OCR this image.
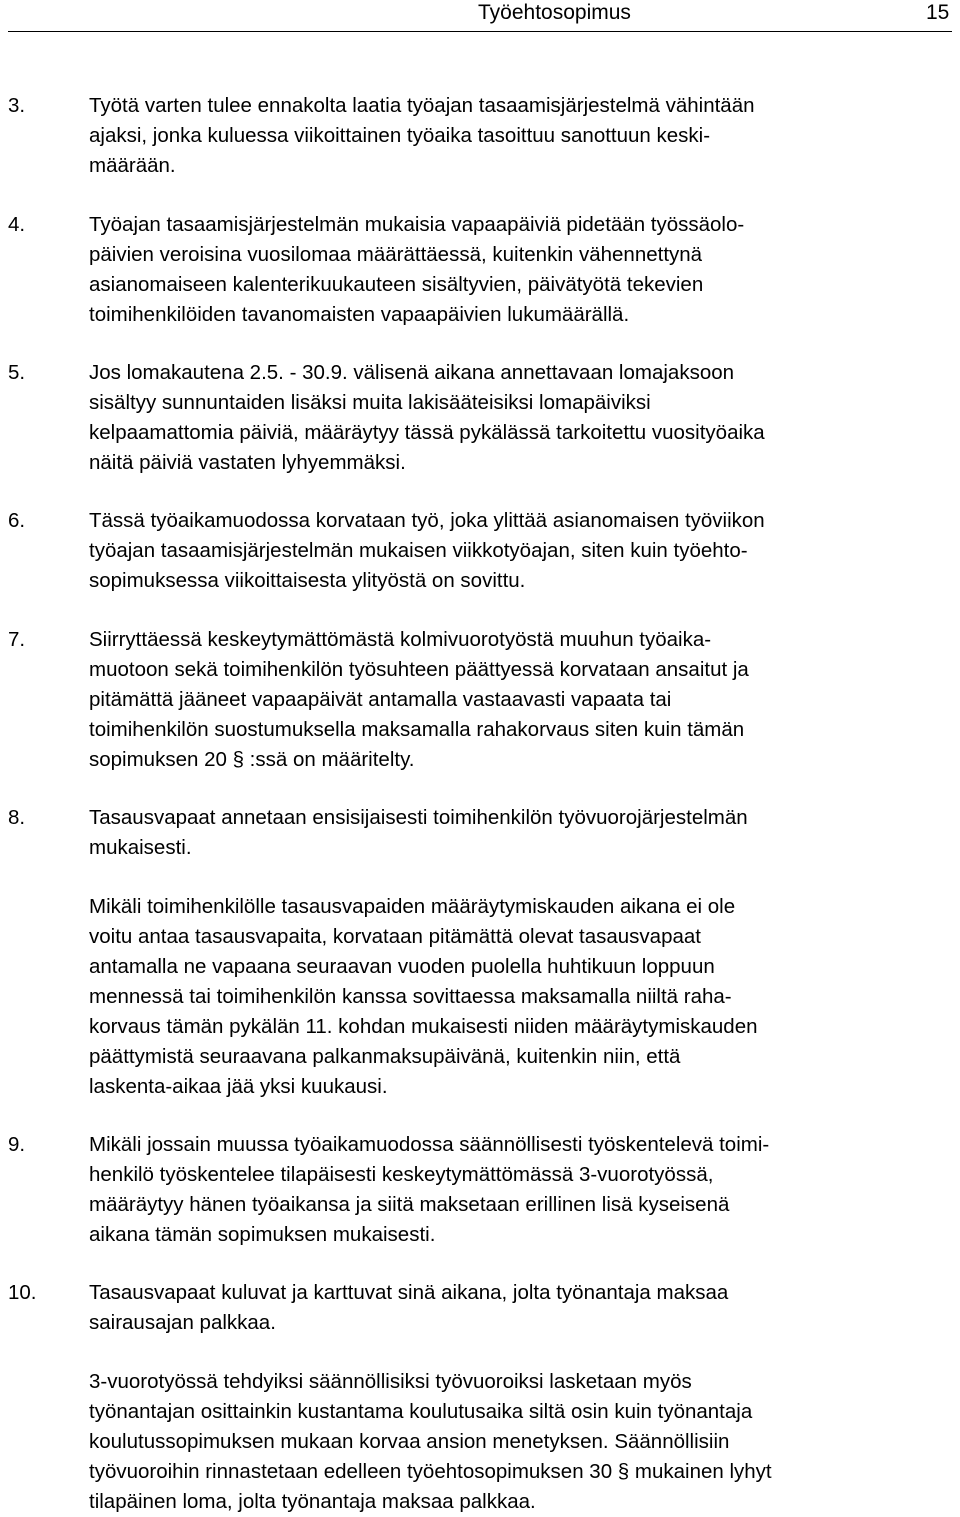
Työehtosopimus	15
3.	Työtä varten tulee ennakolta laatia työajan tasaamisjärjestelmä vähintään
ajaksi, jonka kuluessa viikoittainen työaika tasoittuu sanottuun keski-
määrään.
4.	Työajan tasaamisjärjestelmän mukaisia vapaapäiviä pidetään työssäolo-
päivien veroisina vuosilomaa määrättäessä, kuitenkin vähennettynä
asianomaiseen kalenterikuukauteen sisältyvien, päivätyötä tekevien
toimihenkilöiden tavanomaisten vapaapäivien lukumäärällä.
5.	Jos lomakautena 2.5. - 30.9. välisenä aikana annettavaan lomajaksoon
sisältyy sunnuntaiden lisäksi muita lakisääteisiksi lomapäiviksi
kelpaamattomia päiviä, määräytyy tässä pykälässä tarkoitettu vuosityöaika
näitä päiviä vastaten lyhyemmäksi.
6.	Tässä työaikamuodossa korvataan työ, joka ylittää asianomaisen työviikon
työajan tasaamisjärjestelmän mukaisen viikkotyöajan, siten kuin työehto-
sopimuksessa viikoittaisesta ylityöstä on sovittu.
7.	Siirryttäessä keskeytymättömästä kolmivuorotyöstä muuhun työaika-
muotoon sekä toimihenkilön työsuhteen päättyessä korvataan ansaitut ja
pitämättä jääneet vapaapäivät antamalla vastaavasti vapaata tai
toimihenkilön suostumuksella maksamalla rahakorvaus siten kuin tämän
sopimuksen 20 § :ssä on määritelty.
8.	Tasausvapaat annetaan ensisijaisesti toimihenkilön työvuorojärjestelmän
mukaisesti.
Mikäli toimihenkilölle tasausvapaiden määräytymiskauden aikana ei ole
voitu antaa tasausvapaita, korvataan pitämättä olevat tasausvapaat
antamalla ne vapaana seuraavan vuoden puolella huhtikuun loppuun
mennessä tai toimihenkilön kanssa sovittaessa maksamalla niiltä raha-
korvaus tämän pykälän 11. kohdan mukaisesti niiden määräytymiskauden
päättymistä seuraavana palkanmaksupäivänä, kuitenkin niin, että
laskenta-aikaa jää yksi kuukausi.
9.	Mikäli jossain muussa työaikamuodossa säännöllisesti työskentelevä toimi-
henkilö työskentelee tilapäisesti keskeytymättömässä 3-vuorotyössä,
määräytyy hänen työaikansa ja siitä maksetaan erillinen lisä kyseisenä
aikana tämän sopimuksen mukaisesti.
10.	Tasausvapaat kuluvat ja karttuvat sinä aikana, jolta työnantaja maksaa
sairausajan palkkaa.
3-vuorotyössä tehdyiksi säännöllisiksi työvuoroiksi lasketaan myös
työnantajan osittainkin kustantama koulutusaika siltä osin kuin työnantaja
koulutussopimuksen mukaan korvaa ansion menetyksen. Säännöllisiin
työvuoroihin rinnastetaan edelleen työehtosopimuksen 30 § mukainen lyhyt
tilapäinen loma, jolta työnantaja maksaa palkkaa.
